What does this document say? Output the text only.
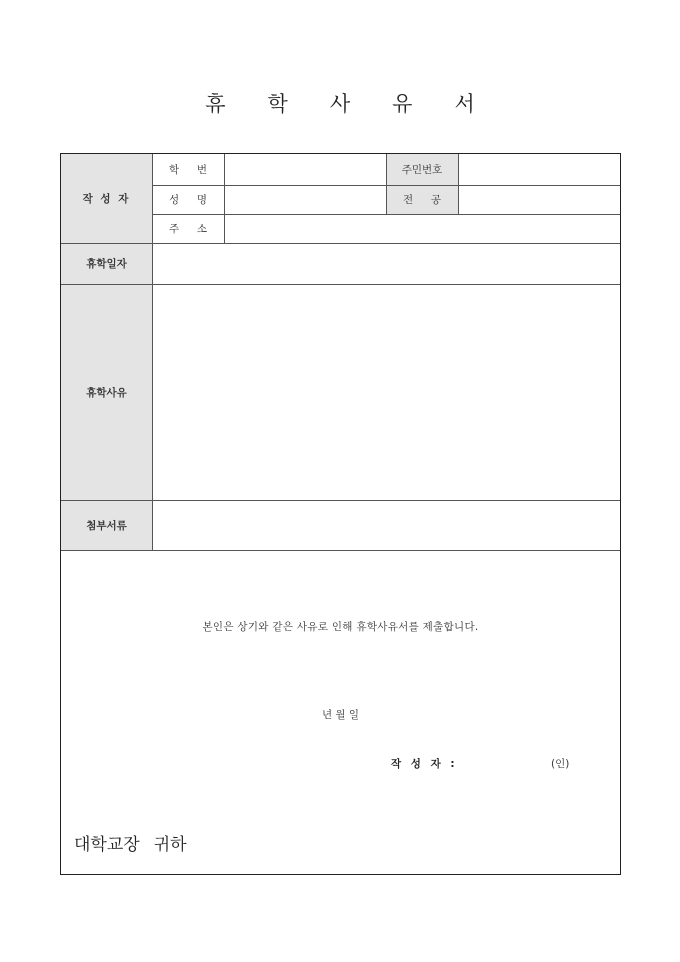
휴 학 사 유 서
작 성 자
학 번	주민번호
성 명	전 공
주 소
휴학일자
휴학사유
첨부서류
본인은 상기와 같은 사유로 인해 휴학사유서를 제출합니다.
년 월 일
작 성 자 :	(인)
대학교장 귀하
